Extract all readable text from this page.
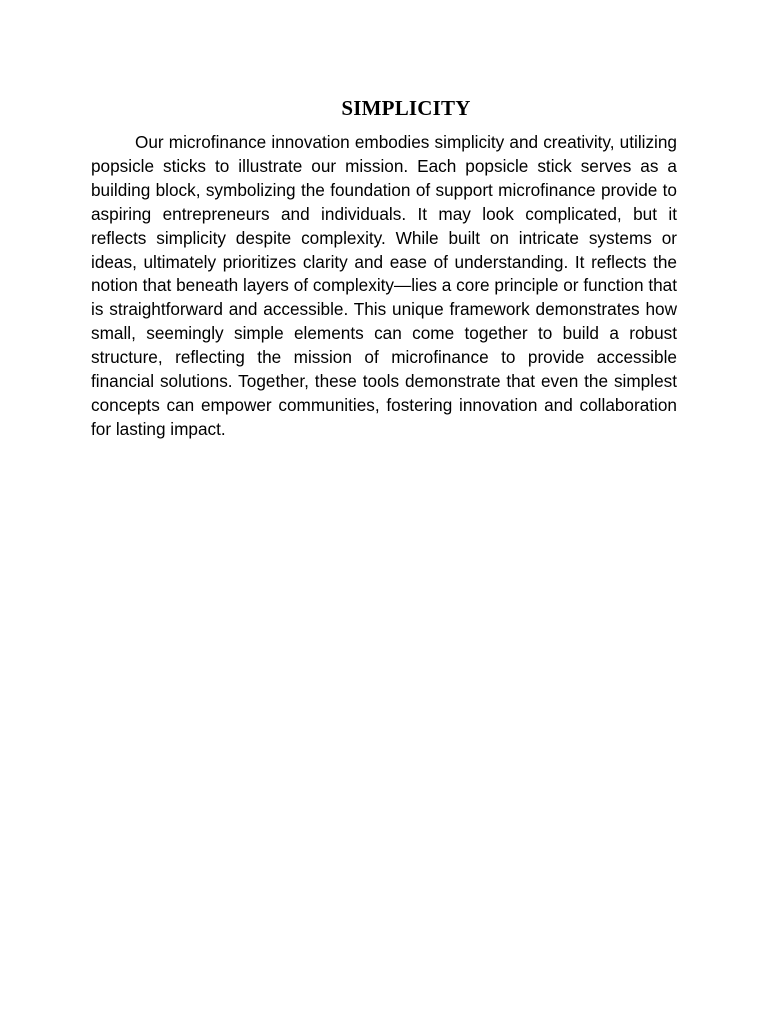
SIMPLICITY

Our microfinance innovation embodies simplicity and creativity, utilizing popsicle sticks to illustrate our mission. Each popsicle stick serves as a building block, symbolizing the foundation of support microfinance provide to aspiring entrepreneurs and individuals. It may look complicated, but it reflects simplicity despite complexity. While built on intricate systems or ideas, ultimately prioritizes clarity and ease of understanding. It reflects the notion that beneath layers of complexity—lies a core principle or function that is straightforward and accessible. This unique framework demonstrates how small, seemingly simple elements can come together to build a robust structure, reflecting the mission of microfinance to provide accessible financial solutions. Together, these tools demonstrate that even the simplest concepts can empower communities, fostering innovation and collaboration for lasting impact.
